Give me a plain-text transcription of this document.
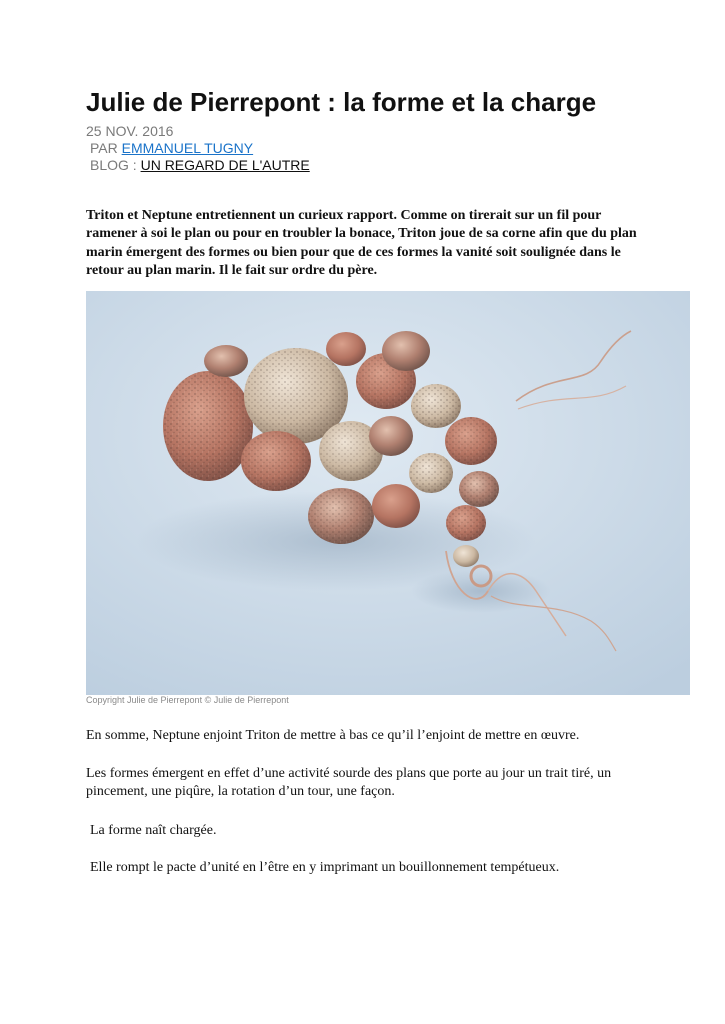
Julie de Pierrepont : la forme et la charge
25 NOV. 2016
PAR EMMANUEL TUGNY
BLOG : UN REGARD DE L'AUTRE

Triton et Neptune entretiennent un curieux rapport. Comme on tirerait sur un fil pour ramener à soi le plan ou pour en troubler la bonace, Triton joue de sa corne afin que du plan marin émergent des formes ou bien pour que de ces formes la vanité soit soulignée dans le retour au plan marin. Il le fait sur ordre du père.

Copyright Julie de Pierrepont © Julie de Pierrepont

En somme, Neptune enjoint Triton de mettre à bas ce qu’il l’enjoint de mettre en œuvre.

Les formes émergent en effet d’une activité sourde des plans que porte au jour un trait tiré, un pincement, une piqûre, la rotation d’un tour, une façon.

La forme naît chargée.

Elle rompt le pacte d’unité en l’être en y imprimant un bouillonnement tempétueux.
